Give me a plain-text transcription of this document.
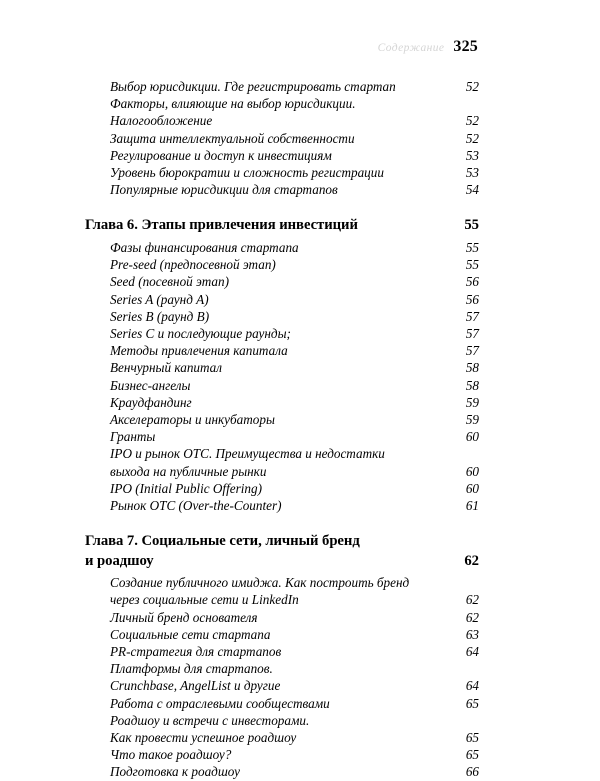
Содержание 325
Выбор юрисдикции. Где регистрировать стартап	52
Факторы, влияющие на выбор юрисдикции.
Налогообложение	52
Защита интеллектуальной собственности	52
Регулирование и доступ к инвестициям	53
Уровень бюрократии и сложность регистрации	53
Популярные юрисдикции для стартапов	54
Глава 6. Этапы привлечения инвестиций	55
Фазы финансирования стартапа	55
Pre-seed (предпосевной этап)	55
Seed (посевной этап)	56
Series A (раунд A)	56
Series B (раунд B)	57
Series C и последующие раунды;	57
Методы привлечения капитала	57
Венчурный капитал	58
Бизнес-ангелы	58
Краудфандинг	59
Акселераторы и инкубаторы	59
Гранты	60
IPO и рынок OTC. Преимущества и недостатки
выхода на публичные рынки	60
IPO (Initial Public Offering)	60
Рынок OTC (Over-the-Counter)	61
Глава 7. Социальные сети, личный бренд
и роадшоу	62
Создание публичного имиджа. Как построить бренд
через социальные сети и LinkedIn	62
Личный бренд основателя	62
Социальные сети стартапа	63
PR-стратегия для стартапов	64
Платформы для стартапов.
Crunchbase, AngelList и другие	64
Работа с отраслевыми сообществами	65
Роадшоу и встречи с инвесторами.
Как провести успешное роадшоу	65
Что такое роадшоу?	65
Подготовка к роадшоу	66
